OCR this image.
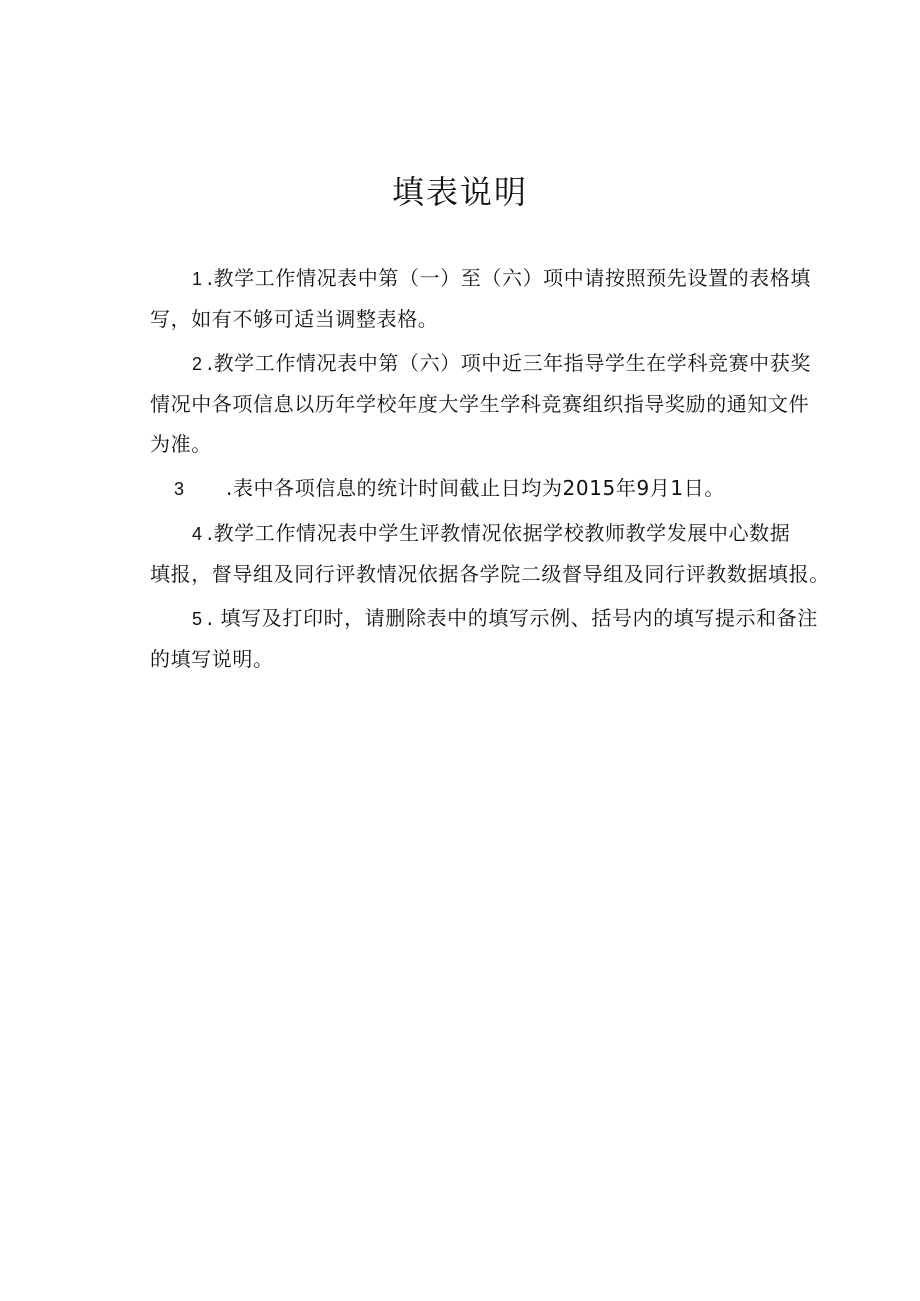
填表说明

1 .教学工作情况表中第（一）至（六）项中请按照预先设置的表格填
写，如有不够可适当调整表格。

2 .教学工作情况表中第（六）项中近三年指导学生在学科竞赛中获奖
情况中各项信息以历年学校年度大学生学科竞赛组织指导奖励的通知文件
为准。

3 .表中各项信息的统计时间截止日均为2015年9月1日。

4 .教学工作情况表中学生评教情况依据学校教师教学发展中心数据
填报，督导组及同行评教情况依据各学院二级督导组及同行评教数据填报。

5 . 填写及打印时，请删除表中的填写示例、括号内的填写提示和备注
的填写说明。
